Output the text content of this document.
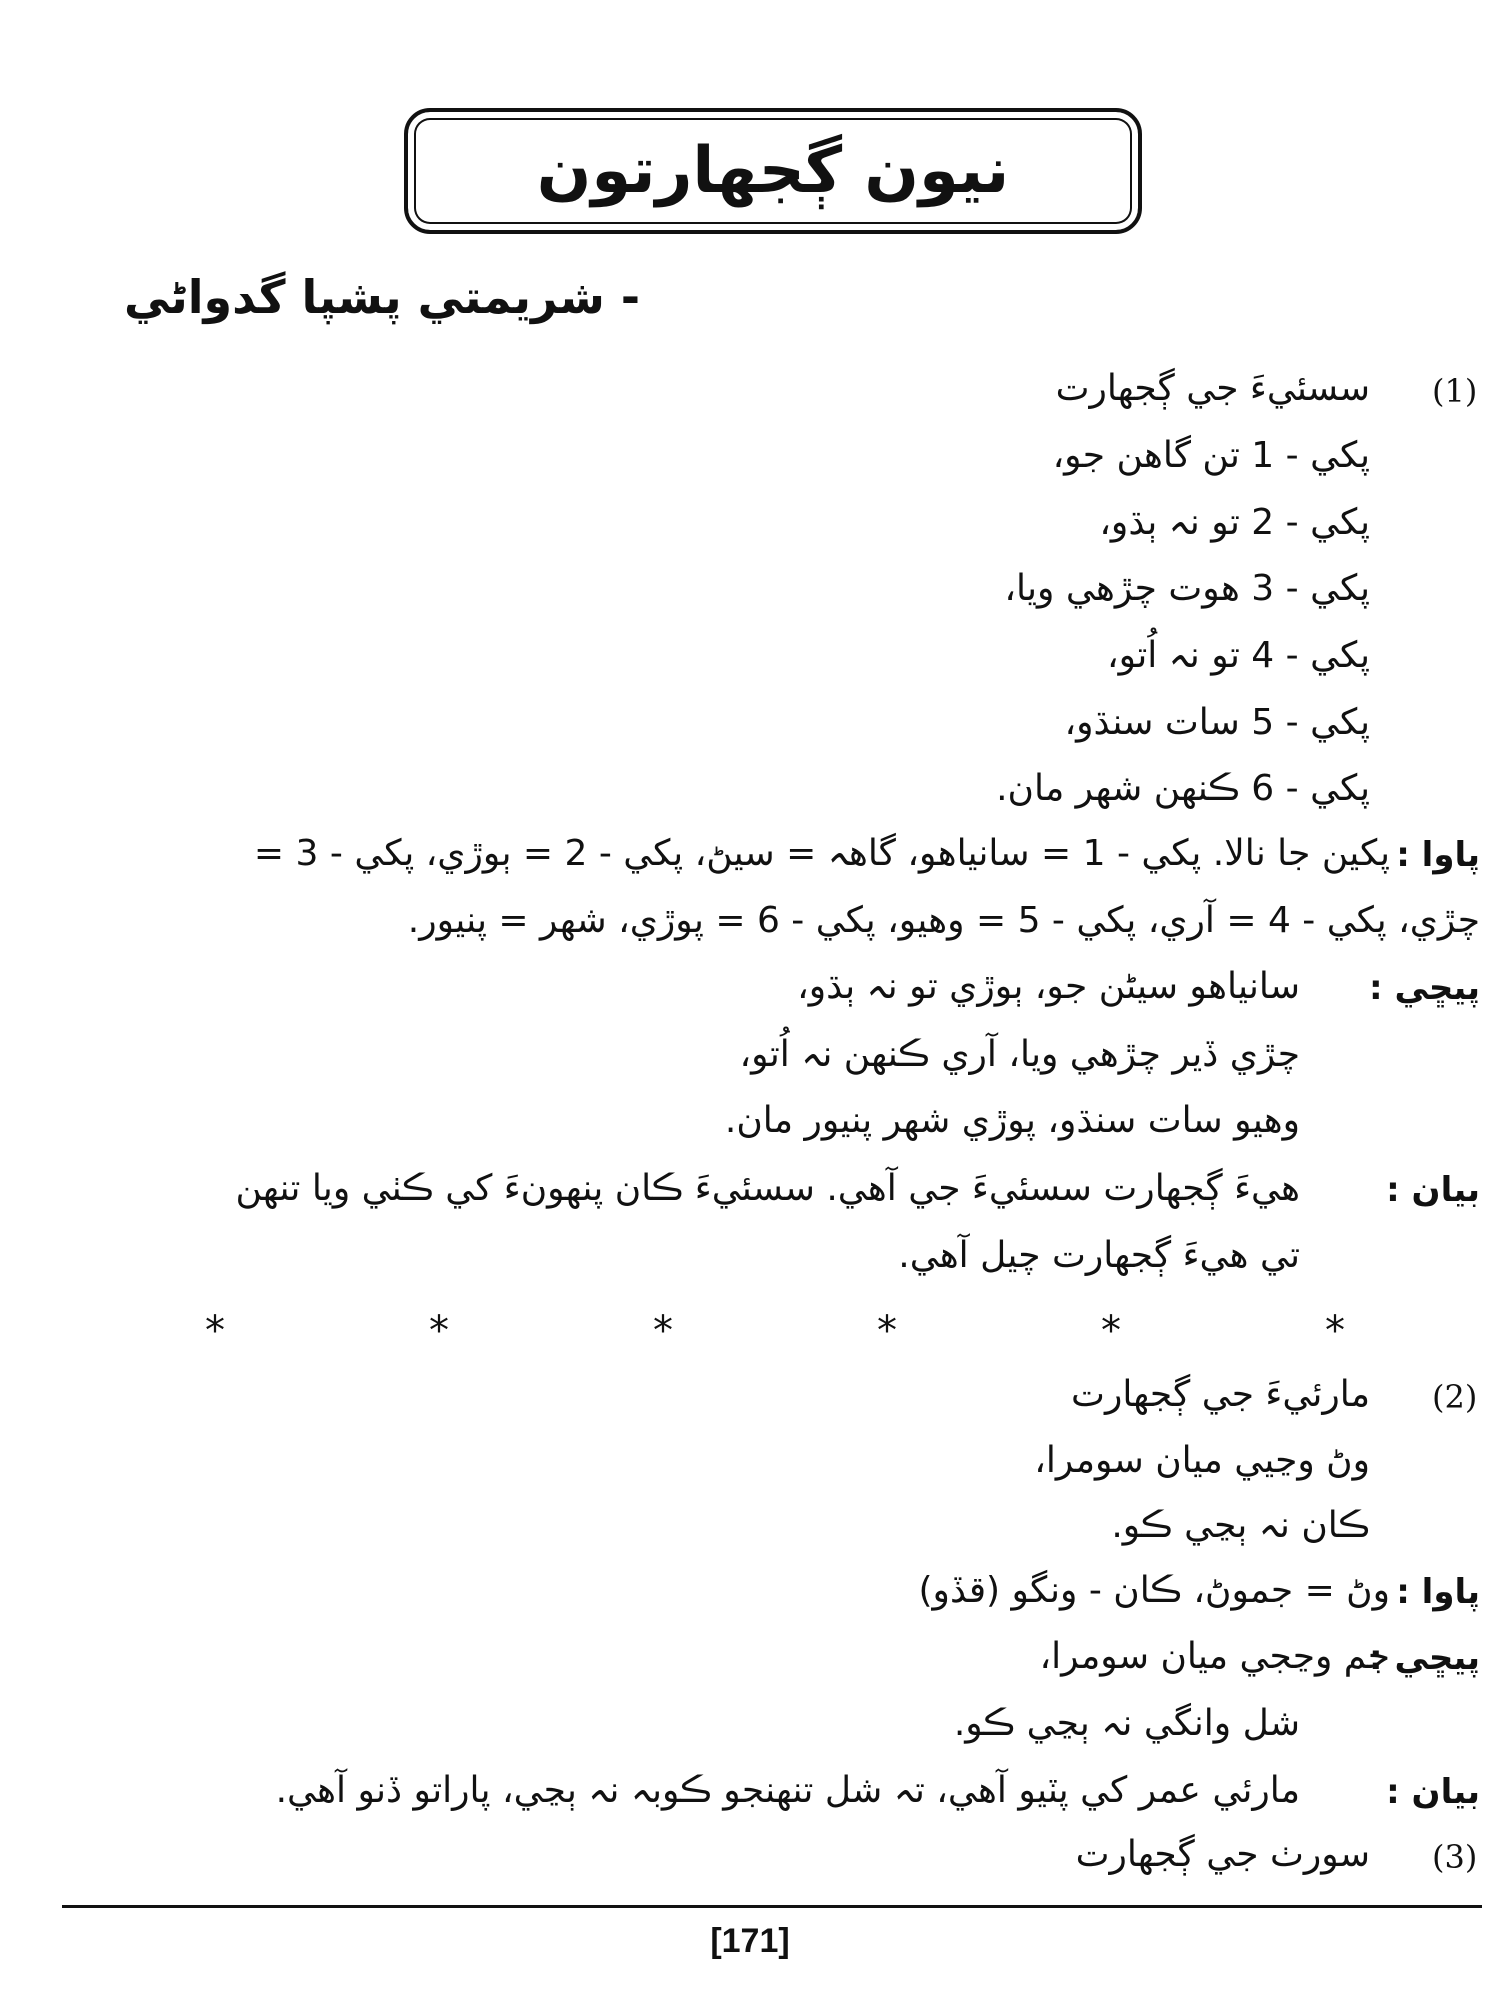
نيون ڳجهارتون
- شريمتي پشپا گدواڻي
(1)
سسئيءَ جي ڳجهارت
پکي - 1 تن گاهن جو،
پکي - 2 تو نہ ٻڌو،
پکي - 3 هوت چڙهي ويا،
پکي - 4 تو نہ اُتو،
پکي - 5 سات سنڌو،
پکي - 6 ڪنهن شهر مان.
پاوا :
پکين جا نالا. پکي - 1 = سانياهو، گاهہ = سيڻ، پکي - 2 = ٻوڙي، پکي - 3 =
چڙي، پکي - 4 = آري، پکي - 5 = وهيو، پکي - 6 = پوڙي، شهر = پنيور.
پيڇي :
سانياهو سيڻن جو، ٻوڙي تو نہ ٻڌو،
چڙي ڏير چڙهي ويا، آري ڪنهن نہ اُتو،
وهيو سات سنڌو، پوڙي شهر پنيور مان.
بيان :
هيءَ ڳجهارت سسئيءَ جي آهي. سسئيءَ ڪان پنهونءَ کي ڪٺي ويا تنهن
تي هيءَ ڳجهارت چيل آهي.
*	*	*	*	*	*
(2)
مارئيءَ جي ڳجهارت
وڻ وڃيي ميان سومرا،
ڪان نہ ٻڃي ڪو.
پاوا :
وڻ = جموڻ، ڪان - ونگو (قڏو)
پيڇي :
جم وڃجي ميان سومرا،
شل وانگي نہ ٻڃي ڪو.
بيان :
مارئي عمر کي پٽيو آهي، تہ شل تنهنجو ڪوبہ نہ ٻڃي، پاراتو ڏنو آهي.
(3)
سورٺ جي ڳجهارت
[171]
